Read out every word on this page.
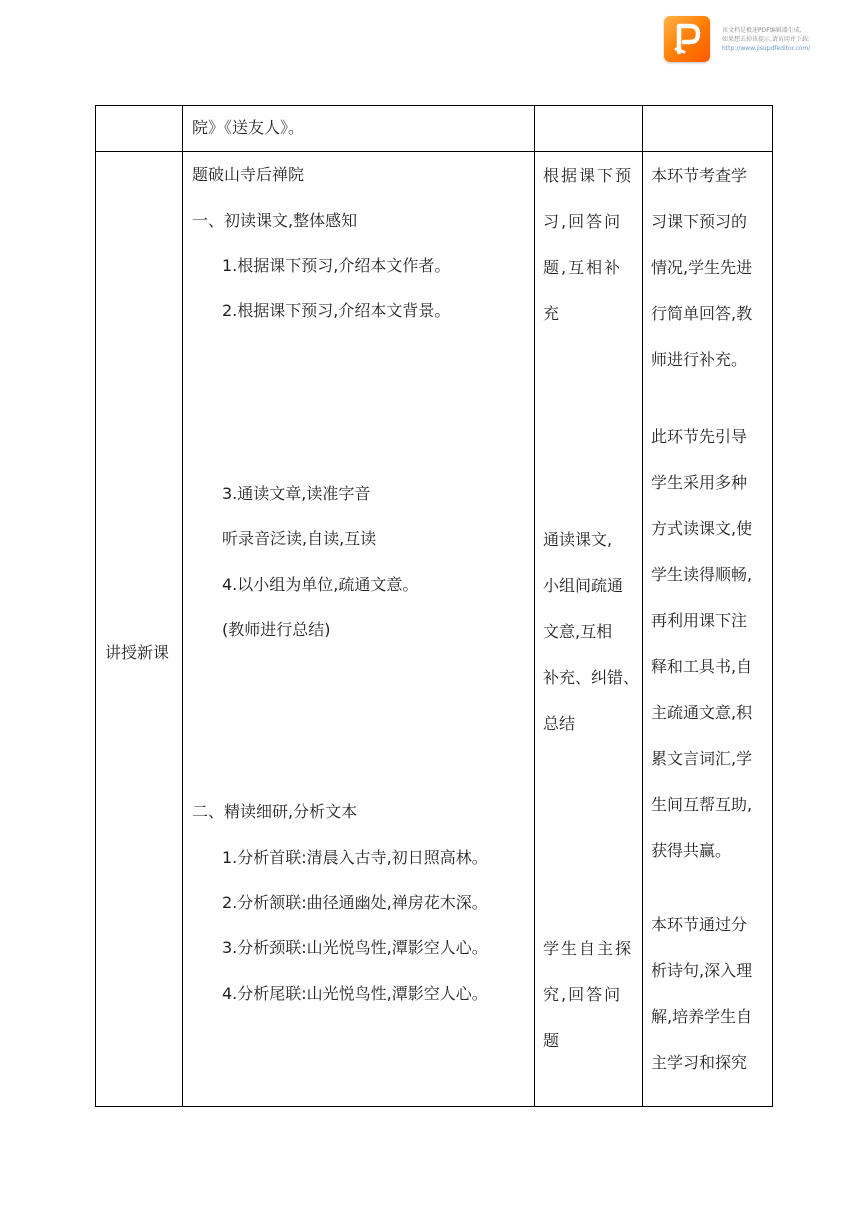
该文档是极速PDF编辑器生成,
如果想去掉该提示,请访问并下载:
http://www.jisupdfeditor.com/
院》《送友人》。
讲授新课
题破山寺后禅院
一、初读课文,整体感知
1.根据课下预习,介绍本文作者。
2.根据课下预习,介绍本文背景。
3.通读文章,读准字音
听录音泛读,自读,互读
4.以小组为单位,疏通文意。
(教师进行总结)
二、精读细研,分析文本
1.分析首联:清晨入古寺,初日照高林。
2.分析颔联:曲径通幽处,禅房花木深。
3.分析颈联:山光悦鸟性,潭影空人心。
4.分析尾联:山光悦鸟性,潭影空人心。
根据课下预
习,回答问
题,互相补
充
通读课文,
小组间疏通
文意,互相
补充、纠错、
总结
学生自主探
究,回答问
题
本环节考查学
习课下预习的
情况,学生先进
行简单回答,教
师进行补充。
此环节先引导
学生采用多种
方式读课文,使
学生读得顺畅,
再利用课下注
释和工具书,自
主疏通文意,积
累文言词汇,学
生间互帮互助,
获得共赢。
本环节通过分
析诗句,深入理
解,培养学生自
主学习和探究
